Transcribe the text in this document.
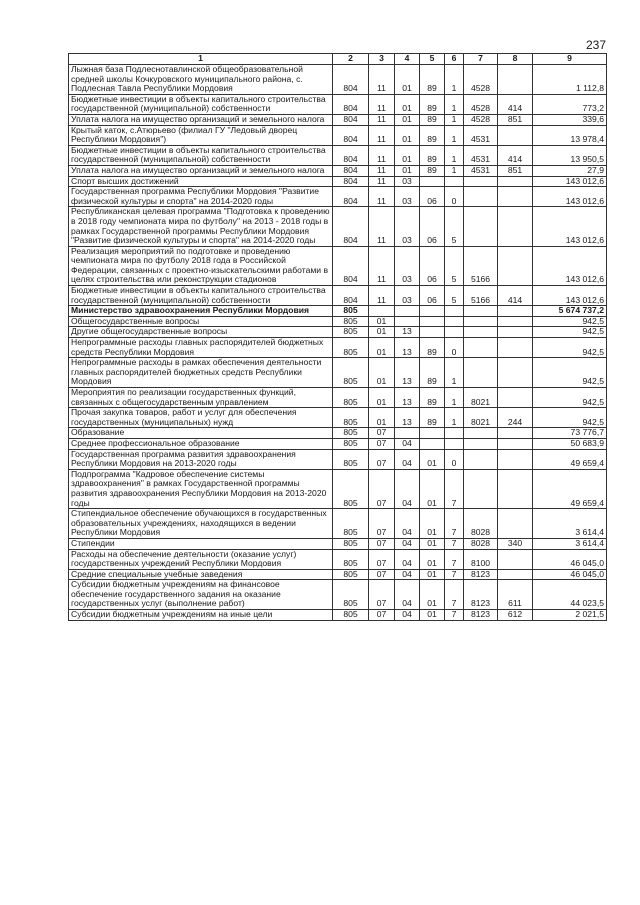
237
1	2	3	4	5	6	7	8	9
Лыжная база Подлеснотавлинской общеобразовательной средней школы Кочкуровского муниципального района, с. Подлесная Тавла Республики Мордовия	804	11	01	89	1	4528		1 112,8
Бюджетные инвестиции в объекты капитального строительства государственной (муниципальной) собственности	804	11	01	89	1	4528	414	773,2
Уплата налога на имущество организаций и земельного налога	804	11	01	89	1	4528	851	339,6
Крытый каток, с.Атюрьево (филиал ГУ "Ледовый дворец Республики Мордовия")	804	11	01	89	1	4531		13 978,4
Бюджетные инвестиции в объекты капитального строительства государственной (муниципальной) собственности	804	11	01	89	1	4531	414	13 950,5
Уплата налога на имущество организаций и земельного налога	804	11	01	89	1	4531	851	27,9
Спорт высших достижений	804	11	03					143 012,6
Государственная программа Республики Мордовия "Развитие физической культуры и спорта" на 2014-2020 годы	804	11	03	06	0			143 012,6
Республиканская целевая программа "Подготовка к проведению в 2018 году чемпионата мира по футболу" на 2013 - 2018 годы в рамках Государственной программы Республики Мордовия "Развитие физической культуры и спорта" на 2014-2020 годы	804	11	03	06	5			143 012,6
Реализация мероприятий по подготовке и проведению чемпионата мира по футболу 2018 года в Российской Федерации, связанных с проектно-изыскательскими работами в целях строительства или реконструкции стадионов	804	11	03	06	5	5166		143 012,6
Бюджетные инвестиции в объекты капитального строительства государственной (муниципальной) собственности	804	11	03	06	5	5166	414	143 012,6
Министерство здравоохранения Республики Мордовия	805							5 674 737,2
Общегосударственные вопросы	805	01						942,5
Другие общегосударственные вопросы	805	01	13					942,5
Непрограммные расходы главных распорядителей бюджетных средств Республики Мордовия	805	01	13	89	0			942,5
Непрограммные расходы в рамках обеспечения деятельности главных распорядителей бюджетных средств Республики Мордовия	805	01	13	89	1			942,5
Мероприятия по реализации государственных функций, связанных с общегосударственным управлением	805	01	13	89	1	8021		942,5
Прочая закупка товаров, работ и услуг для обеспечения государственных (муниципальных) нужд	805	01	13	89	1	8021	244	942,5
Образование	805	07						73 776,7
Среднее профессиональное образование	805	07	04					50 683,9
Государственная программа развития здравоохранения Республики Мордовия на 2013-2020 годы	805	07	04	01	0			49 659,4
Подпрограмма "Кадровое обеспечение системы здравоохранения" в рамках Государственной программы развития здравоохранения Республики Мордовия на 2013-2020 годы	805	07	04	01	7			49 659,4
Стипендиальное обеспечение обучающихся в государственных образовательных учреждениях, находящихся в ведении Республики Мордовия	805	07	04	01	7	8028		3 614,4
Стипендии	805	07	04	01	7	8028	340	3 614,4
Расходы на обеспечение деятельности (оказание услуг) государственных учреждений Республики Мордовия	805	07	04	01	7	8100		46 045,0
Средние специальные учебные заведения	805	07	04	01	7	8123		46 045,0
Субсидии бюджетным учреждениям на финансовое обеспечение государственного задания на оказание государственных услуг (выполнение работ)	805	07	04	01	7	8123	611	44 023,5
Субсидии бюджетным учреждениям на иные цели	805	07	04	01	7	8123	612	2 021,5
